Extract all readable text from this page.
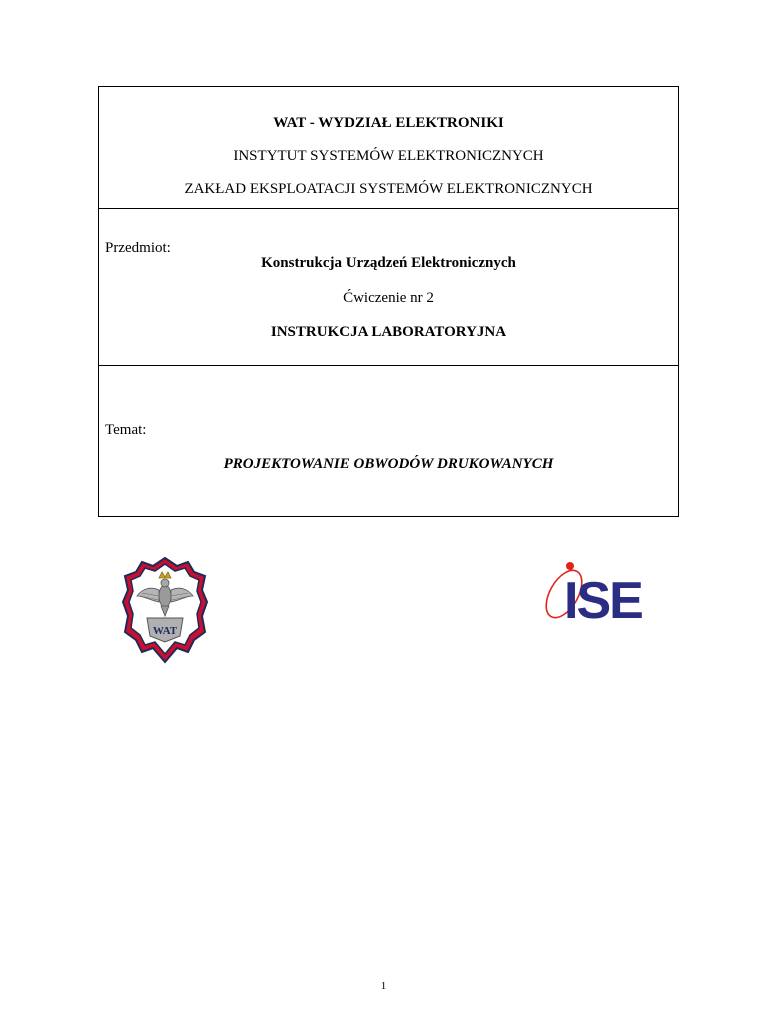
WAT - WYDZIAŁ ELEKTRONIKI
INSTYTUT SYSTEMÓW ELEKTRONICZNYCH
ZAKŁAD EKSPLOATACJI SYSTEMÓW ELEKTRONICZNYCH
Przedmiot:
Konstrukcja Urządzeń Elektronicznych
Ćwiczenie nr 2
INSTRUKCJA LABORATORYJNA
Temat:
PROJEKTOWANIE OBWODÓW DRUKOWANYCH
WAT
ISE
1
